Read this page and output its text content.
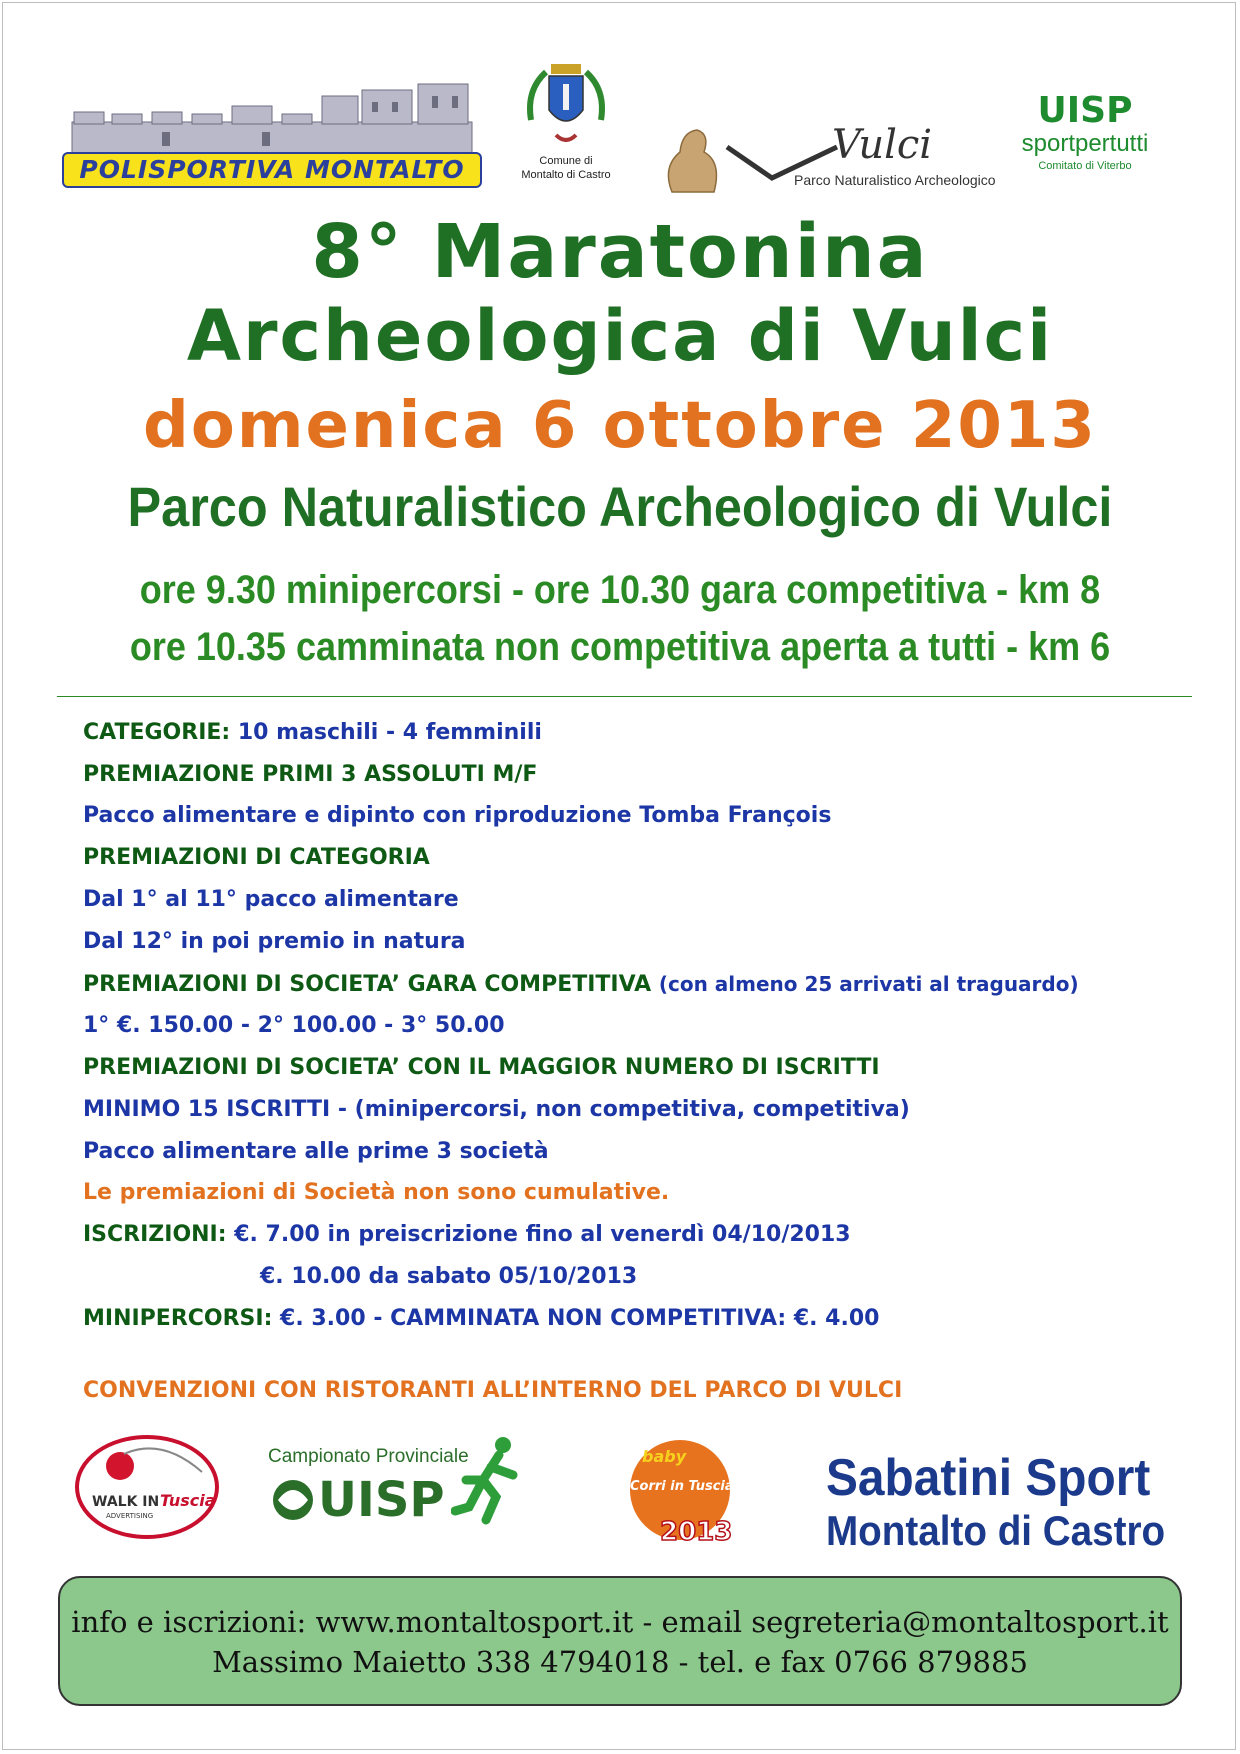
POLISPORTIVA MONTALTO	Comune di
Montalto di Castro
Vulci
Parco Naturalistico Archeologico
UISP
sportpertutti
Comitato di Viterbo
8° Maratonina
Archeologica di Vulci
domenica 6 ottobre 2013
Parco Naturalistico Archeologico di Vulci
ore 9.30 minipercorsi - ore 10.30 gara competitiva - km 8
ore 10.35 camminata non competitiva aperta a tutti - km 6
CATEGORIE: 10 maschili - 4 femminili
PREMIAZIONE PRIMI 3 ASSOLUTI M/F
Pacco alimentare e dipinto con riproduzione Tomba François
PREMIAZIONI DI CATEGORIA
Dal 1° al 11° pacco alimentare
Dal 12° in poi premio in natura
PREMIAZIONI DI SOCIETA’ GARA COMPETITIVA (con almeno 25 arrivati al traguardo)
1° €. 150.00 - 2° 100.00 - 3° 50.00
PREMIAZIONI DI SOCIETA’ CON IL MAGGIOR NUMERO DI ISCRITTI
MINIMO 15 ISCRITTI - (minipercorsi, non competitiva, competitiva)
Pacco alimentare alle prime 3 società
Le premiazioni di Società non sono cumulative.
ISCRIZIONI: €. 7.00 in preiscrizione fino al venerdì 04/10/2013
€. 10.00 da sabato 05/10/2013
MINIPERCORSI: €. 3.00 - CAMMINATA NON COMPETITIVA: €. 4.00
CONVENZIONI CON RISTORANTI ALL’INTERNO DEL PARCO DI VULCI
WALK IN Tuscia
ADVERTISING
Campionato Provinciale
UISP
baby
Corri in Tuscia
2013
Sabatini Sport
Montalto di Castro
info e iscrizioni: www.montaltosport.it - email segreteria@montaltosport.it
Massimo Maietto 338 4794018 - tel. e fax 0766 879885
